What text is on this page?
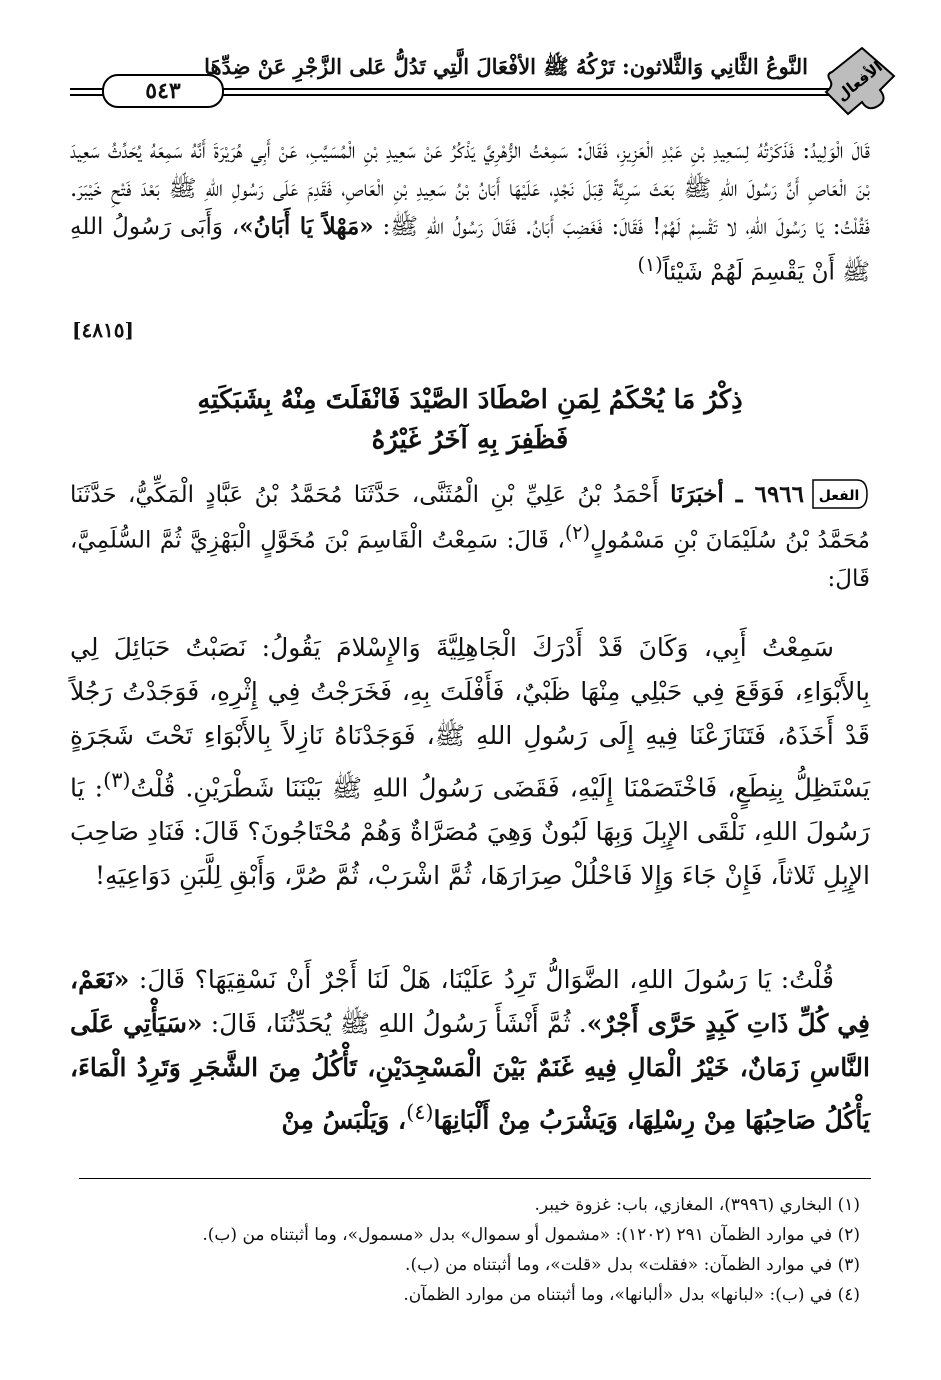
٥٤٣
النَّوعُ الثَّانِي وَالثَّلاثون: تَرْكُهُ ﷺ الأفْعَالَ الَّتِي تَدُلُّ عَلى الزَّجْرِ عَنْ ضِدِّهَا الأفعال
قَالَ الْوَلِيدُ: فَذَكَرْتُهُ لِسَعِيدِ بْنِ عَبْدِ الْعَزِيزِ، فَقَالَ: سَمِعْتُ الزُّهْرِيَّ يَذْكُرُ عَنْ سَعِيدِ بْنِ الْمُسَيَّبِ، عَنْ أَبِي هُرَيْرَةَ أَنَّهُ سَمِعَهُ يُحَدِّثُ سَعِيدَ بْنَ الْعَاصِ أَنَّ رَسُولَ اللهِ ﷺ بَعَثَ سَرِيَّةً قِبَلَ نَجْدٍ، عَلَيْهَا أَبَانُ بْنُ سَعِيدِ بْنِ الْعَاصِ، فَقَدِمَ عَلَى رَسُولِ اللهِ ﷺ بَعْدَ فَتْحِ خَيْبَرَ. فَقُلْتُ: يَا رَسُولَ اللهِ، لا تَقْسِمْ لَهُمْ! فَقَالَ: فَغَضِبَ أَبَانُ. فَقَالَ رَسُولُ اللهِ ﷺ: «مَهْلاً يَا أَبَانُ»، وَأَبَى رَسُولُ اللهِ ﷺ أَنْ يَقْسِمَ لَهُمْ شَيْئاً$^{(١)}$
[٤٨١٥]
ذِكْرُ مَا يُحْكَمُ لِمَنِ اصْطَادَ الصَّيْدَ فَانْفَلَتَ مِنْهُ بِشَبَكَتِهِ
فَظَفِرَ بِهِ آخَرُ غَيْرُهُ
الفعل
٦٩٦٦ ـ أخبَرَنَا أَحْمَدُ بْنُ عَلِيِّ بْنِ الْمُثَنَّى، حَدَّثَنَا مُحَمَّدُ بْنُ عَبَّادٍ الْمَكِّيُّ، حَدَّثَنَا مُحَمَّدُ بْنُ سُلَيْمَانَ بْنِ مَسْمُولٍ$^{(٢)}$، قَالَ: سَمِعْتُ الْقَاسِمَ بْنَ مُخَوَّلٍ الْبَهْزِيَّ ثُمَّ السُّلَمِيَّ، قَالَ:
سَمِعْتُ أَبِي، وَكَانَ قَدْ أَدْرَكَ الْجَاهِلِيَّةَ وَالإِسْلامَ يَقُولُ: نَصَبْتُ حَبَائِلَ لِي بِالأَبْوَاءِ، فَوَقَعَ فِي حَبْلِي مِنْهَا ظَبْيٌ، فَأَفْلَتَ بِهِ، فَخَرَجْتُ فِي إِثْرِهِ، فَوَجَدْتُ رَجُلاً قَدْ أَخَذَهُ، فَتَنَازَعْنَا فِيهِ إِلَى رَسُولِ اللهِ ﷺ، فَوَجَدْنَاهُ نَازِلاً بِالأَبْوَاءِ تَحْتَ شَجَرَةٍ يَسْتَظِلُّ بِنِطَعٍ، فَاخْتَصَمْنَا إِلَيْهِ، فَقَضَى رَسُولُ اللهِ ﷺ بَيْنَنَا شَطْرَيْنِ. قُلْتُ$^{(٣)}$: يَا رَسُولَ اللهِ، نَلْقَى الإِبِلَ وَبِهَا لَبُونٌ وَهِيَ مُصَرَّاةٌ وَهُمْ مُحْتَاجُونَ؟ قَالَ: فَنَادِ صَاحِبَ الإِبِلِ ثَلاثاً، فَإِنْ جَاءَ وَإِلا فَاحْلُلْ صِرَارَهَا، ثُمَّ اشْرَبْ، ثُمَّ صُرَّ، وَأَبْقِ لِلَّبَنِ دَوَاعِيَهِ!
قُلْتُ: يَا رَسُولَ اللهِ، الضَّوَالُّ تَرِدُ عَلَيْنَا، هَلْ لَنَا أَجْرٌ أَنْ نَسْقِيَهَا؟ قَالَ: «نَعَمْ، فِي كُلِّ ذَاتِ كَبِدٍ حَرَّى أَجْرٌ». ثُمَّ أَنْشَأَ رَسُولُ اللهِ ﷺ يُحَدِّثُنَا، قَالَ: «سَيَأْتِي عَلَى النَّاسِ زَمَانٌ، خَيْرُ الْمَالِ فِيهِ غَنَمٌ بَيْنَ الْمَسْجِدَيْنِ، تَأْكُلُ مِنَ الشَّجَرِ وَتَرِدُ الْمَاءَ، يَأْكُلُ صَاحِبُهَا مِنْ رِسْلِهَا، وَيَشْرَبُ مِنْ أَلْبَانِهَا$^{(٤)}$، وَيَلْبَسُ مِنْ
(١) البخاري (٣٩٩٦)، المغازي، باب: غزوة خيبر.
(٢) في موارد الظمآن ٢٩١ (١٢٠٢): «مشمول أو سموال» بدل «مسمول»، وما أثبتناه من (ب).
(٣) في موارد الظمآن: «فقلت» بدل «قلت»، وما أثبتناه من (ب).
(٤) في (ب): «لبانها» بدل «ألبانها»، وما أثبتناه من موارد الظمآن.
